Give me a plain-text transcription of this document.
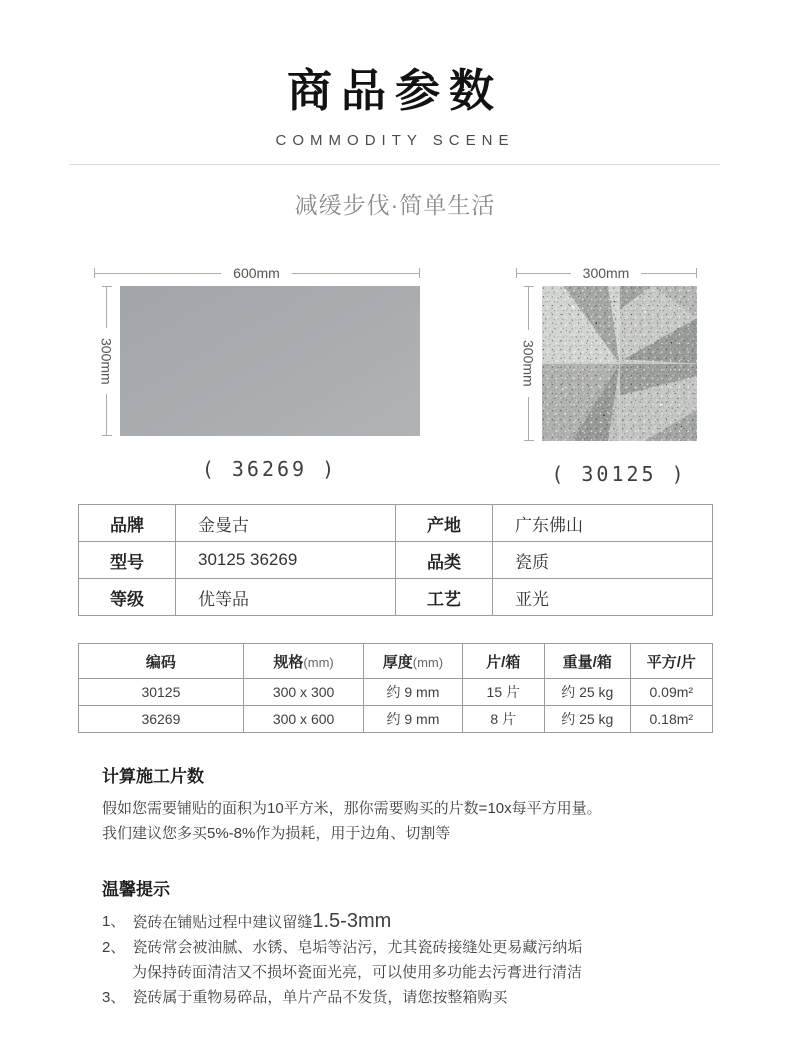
商品参数
COMMODITY SCENE
减缓步伐·简单生活
600mm
300mm
( 36269 )
300mm
300mm
( 30125 )
品牌	金曼古	产地	广东佛山
型号	30125 36269	品类	瓷质
等级	优等品	工艺	亚光
编码	规格(mm)	厚度(mm)	片/箱	重量/箱	平方/片
30125	300 x 300	约 9 mm	15 片	约 25 kg	0.09m²
36269	300 x 600	约 9 mm	8 片	约 25 kg	0.18m²
计算施工片数

假如您需要铺贴的面积为10平方米，那你需要购买的片数=10x每平方用量。

我们建议您多买5%-8%作为损耗，用于边角、切割等

温馨提示
1、 瓷砖在铺贴过程中建议留缝1.5-3mm
2、 瓷砖常会被油腻、水锈、皂垢等沾污，尤其瓷砖接缝处更易藏污纳垢
为保持砖面清洁又不损坏瓷面光亮，可以使用多功能去污膏进行清洁
3、 瓷砖属于重物易碎品，单片产品不发货，请您按整箱购买
